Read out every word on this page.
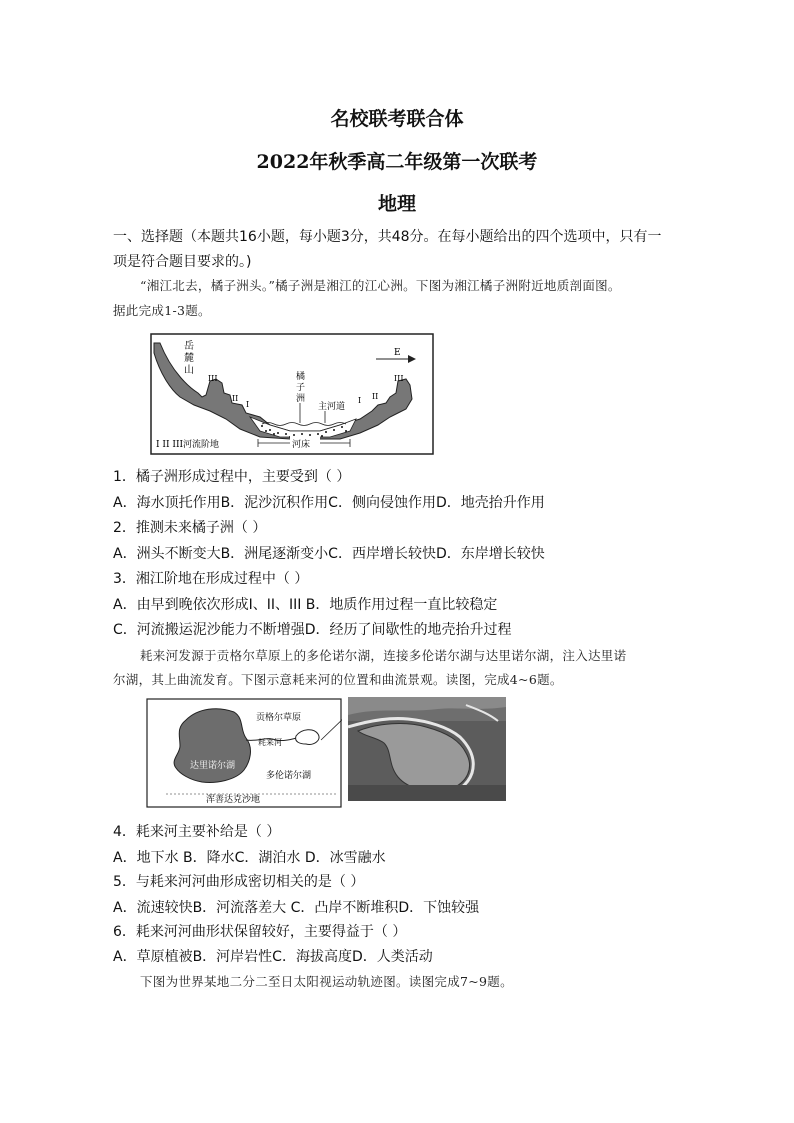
名校联考联合体
2022年秋季高二年级第一次联考
地理
一、选择题（本题共16小题，每小题3分，共48分。在每小题给出的四个选项中，只有一
项是符合题目要求的。)
“湘江北去，橘子洲头。”橘子洲是湘江的江心洲。下图为湘江橘子洲附近地质剖面图。
据此完成1-3题。
岳
麓
山
橘
子
洲
主河道
III
II
I	I II
III
E
河床
I II III河流阶地
1．橘子洲形成过程中，主要受到（ ）
A．海水顶托作用B．泥沙沉积作用C．侧向侵蚀作用D．地壳抬升作用
2．推测未来橘子洲（ ）
A．洲头不断变大B．洲尾逐渐变小C．西岸增长较快D．东岸增长较快
3．湘江阶地在形成过程中（ ）
A．由早到晚依次形成I、II、III B．地质作用过程一直比较稳定
C．河流搬运泥沙能力不断增强D．经历了间歇性的地壳抬升过程
耗来河发源于贡格尔草原上的多伦诺尔湖，连接多伦诺尔湖与达里诺尔湖，注入达里诺
尔湖，其上曲流发育。下图示意耗来河的位置和曲流景观。读图，完成4~6题。
贡格尔草原
耗来河
达里诺尔湖
多伦诺尔湖
浑善达克沙地
4．耗来河主要补给是（ ）
A．地下水 B．降水C．湖泊水 D．冰雪融水
5．与耗来河河曲形成密切相关的是（ ）
A．流速较快B．河流落差大 C．凸岸不断堆积D．下蚀较强
6．耗来河河曲形状保留较好，主要得益于（ ）
A．草原植被B．河岸岩性C．海拔高度D．人类活动
下图为世界某地二分二至日太阳视运动轨迹图。读图完成7~9题。
